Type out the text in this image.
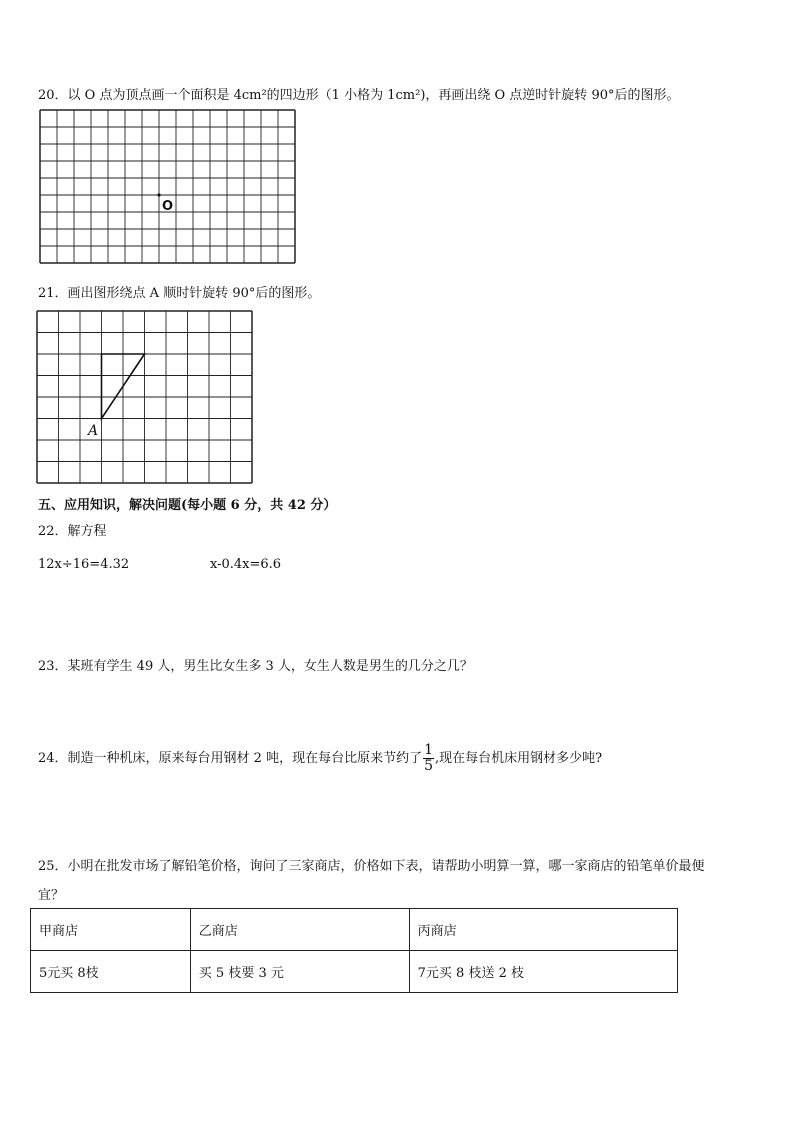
20．以 O 点为顶点画一个面积是 4cm²的四边形（1 小格为 1cm²)，再画出绕 O 点逆时针旋转 90°后的图形。
O
21．画出图形绕点 A 顺时针旋转 90°后的图形。
A
五、应用知识，解决问题(每小题 6 分，共 42 分）
22．解方程
12x÷16=4.32	x-0.4x=6.6
23．某班有学生 49 人，男生比女生多 3 人，女生人数是男生的几分之几？
24．制造一种机床，原来每台用钢材 2 吨，现在每台比原来节约了 $\frac{1}{5}$ ,现在每台机床用钢材多少吨?
25．小明在批发市场了解铅笔价格，询问了三家商店，价格如下表，请帮助小明算一算，哪一家商店的铅笔单价最便
宜？
甲商店	乙商店	丙商店
5元买 8枝	买 5 枝要 3 元	7元买 8 枝送 2 枝
